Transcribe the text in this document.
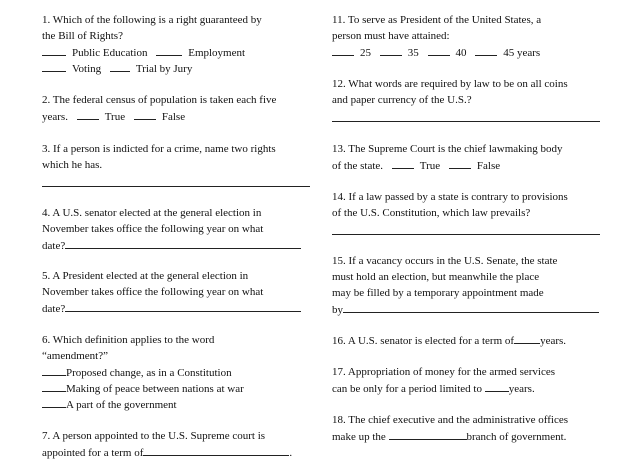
1. Which of the following is a right guaranteed by
the Bill of Rights?
Public Education	Employment
Voting	Trial by Jury
2. The federal census of population is taken each five
years.	True	False
3. If a person is indicted for a crime, name two rights
which he has.
4. A U.S. senator elected at the general election in
November takes office the following year on what
date?
5. A President elected at the general election in
November takes office the following year on what
date?
6. Which definition applies to the word
“amendment?”
Proposed change, as in a Constitution
Making of peace between nations at war
A part of the government
7. A person appointed to the U.S. Supreme court is
appointed for a term of	.
11. To serve as President of the United States, a
person must have attained:
25	35	40	45 years
12. What words are required by law to be on all coins
and paper currency of the U.S.?
13. The Supreme Court is the chief lawmaking body
of the state.	True	False
14. If a law passed by a state is contrary to provisions
of the U.S. Constitution, which law prevails?
15. If a vacancy occurs in the U.S. Senate, the state
must hold an election, but meanwhile the place
may be filled by a temporary appointment made
by
16. A U.S. senator is elected for a term of years.
17. Appropriation of money for the armed services
can be only for a period limited to years.
18. The chief executive and the administrative offices
make up the	branch of government.
